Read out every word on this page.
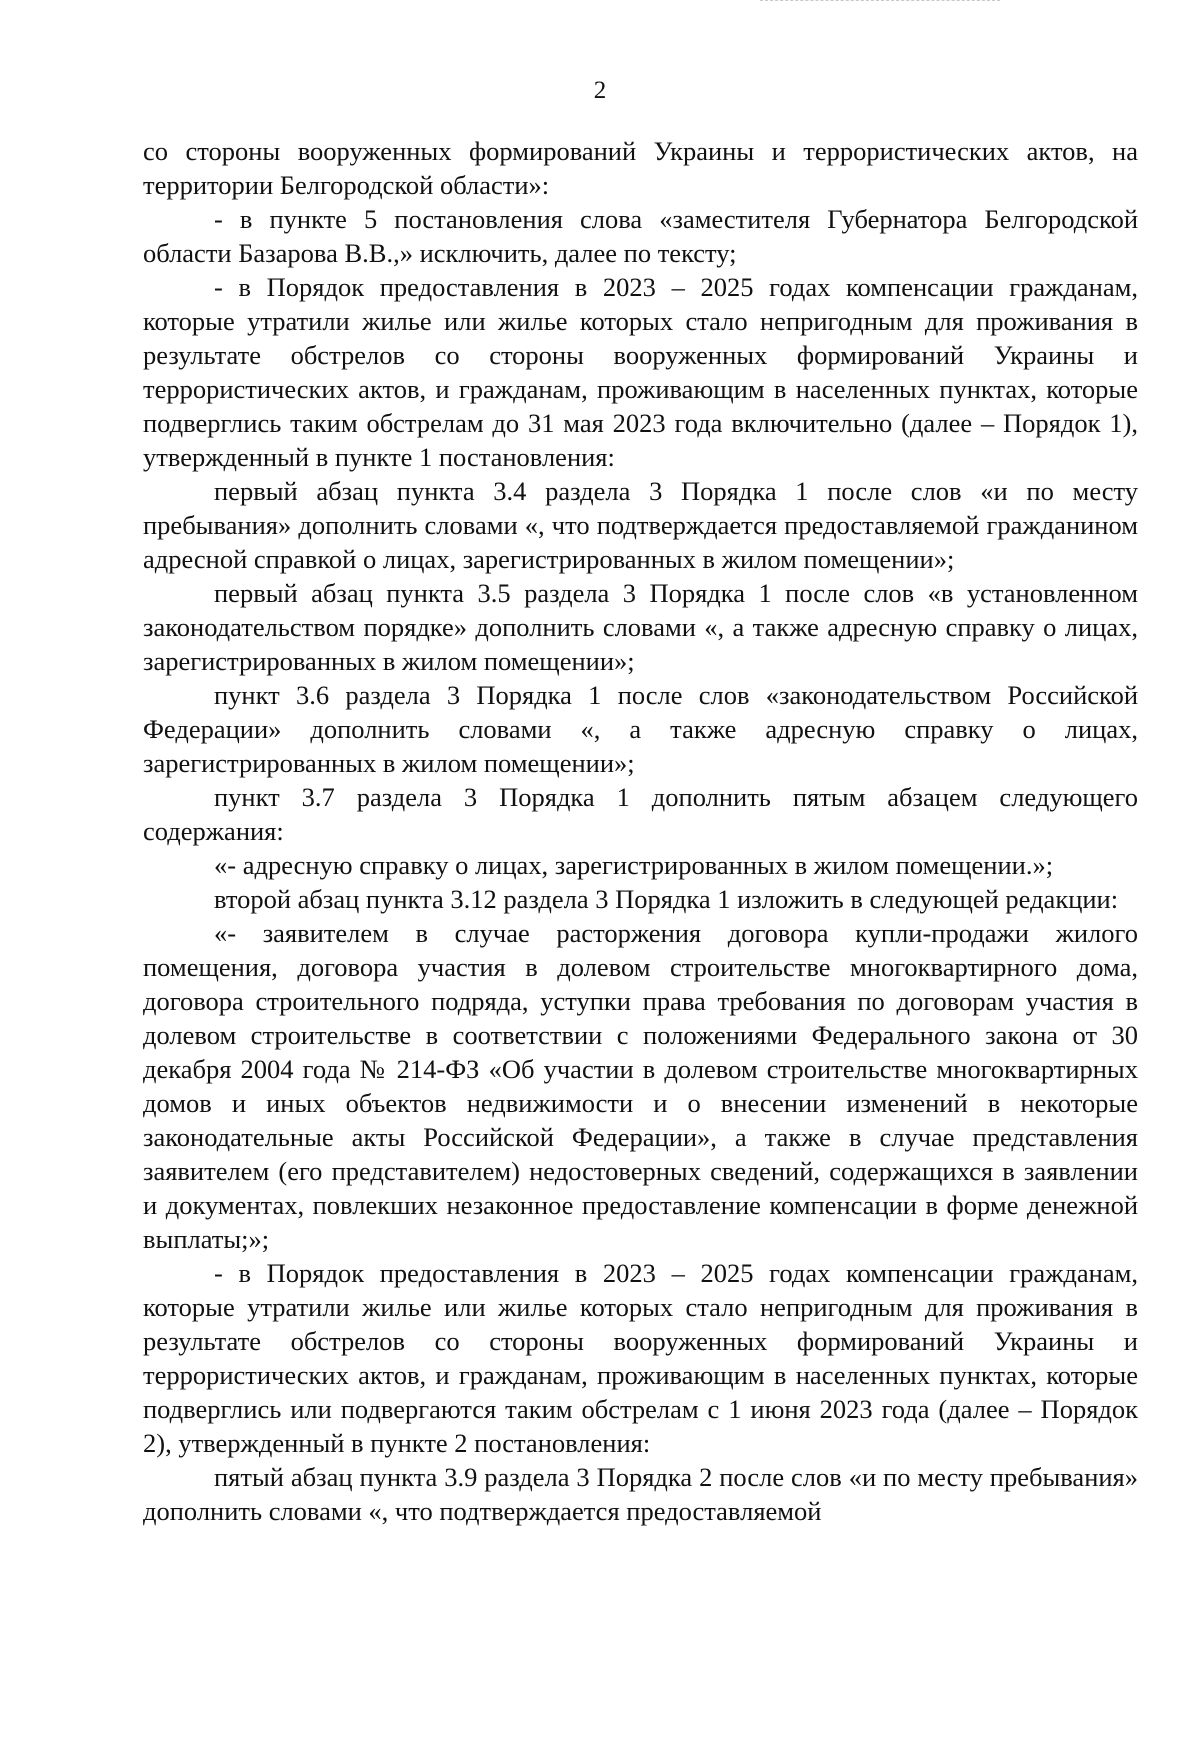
2

со стороны вооруженных формирований Украины и террористических актов, на территории Белгородской области»:

- в пункте 5 постановления слова «заместителя Губернатора Белгородской области Базарова В.В.,» исключить, далее по тексту;

- в Порядок предоставления в 2023 – 2025 годах компенсации гражданам, которые утратили жилье или жилье которых стало непригодным для проживания в результате обстрелов со стороны вооруженных формирований Украины и террористических актов, и гражданам, проживающим в населенных пунктах, которые подверглись таким обстрелам до 31 мая 2023 года включительно (далее – Порядок 1), утвержденный в пункте 1 постановления:

первый абзац пункта 3.4 раздела 3 Порядка 1 после слов «и по месту пребывания» дополнить словами «, что подтверждается предоставляемой гражданином адресной справкой о лицах, зарегистрированных в жилом помещении»;

первый абзац пункта 3.5 раздела 3 Порядка 1 после слов «в установленном законодательством порядке» дополнить словами «, а также адресную справку о лицах, зарегистрированных в жилом помещении»;

пункт 3.6 раздела 3 Порядка 1 после слов «законодательством Российской Федерации» дополнить словами «, а также адресную справку о лицах, зарегистрированных в жилом помещении»;

пункт 3.7 раздела 3 Порядка 1 дополнить пятым абзацем следующего содержания:

«- адресную справку о лицах, зарегистрированных в жилом помещении.»;

второй абзац пункта 3.12 раздела 3 Порядка 1 изложить в следующей редакции:

«- заявителем в случае расторжения договора купли-продажи жилого помещения, договора участия в долевом строительстве многоквартирного дома, договора строительного подряда, уступки права требования по договорам участия в долевом строительстве в соответствии с положениями Федерального закона от 30 декабря 2004 года № 214-ФЗ «Об участии в долевом строительстве многоквартирных домов и иных объектов недвижимости и о внесении изменений в некоторые законодательные акты Российской Федерации», а также в случае представления заявителем (его представителем) недостоверных сведений, содержащихся в заявлении и документах, повлекших незаконное предоставление компенсации в форме денежной выплаты;»;

- в Порядок предоставления в 2023 – 2025 годах компенсации гражданам, которые утратили жилье или жилье которых стало непригодным для проживания в результате обстрелов со стороны вооруженных формирований Украины и террористических актов, и гражданам, проживающим в населенных пунктах, которые подверглись или подвергаются таким обстрелам с 1 июня 2023 года (далее – Порядок 2), утвержденный в пункте 2 постановления:

пятый абзац пункта 3.9 раздела 3 Порядка 2 после слов «и по месту пребывания» дополнить словами «, что подтверждается предоставляемой
